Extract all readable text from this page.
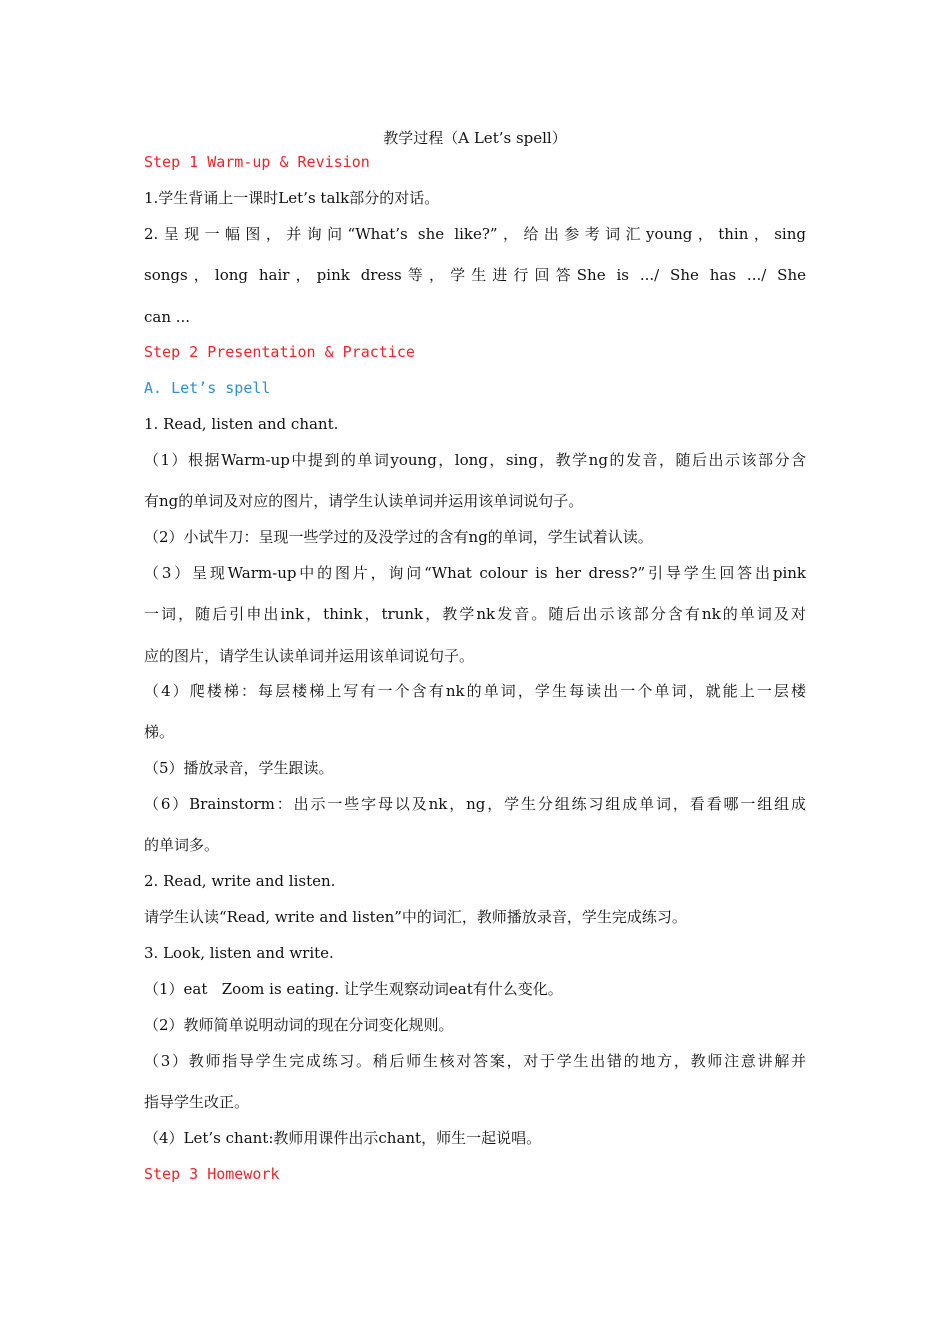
教学过程（A Let’s spell）
Step 1 Warm-up & Revision
1.学生背诵上一课时Let’s talk部分的对话。
2.呈现一幅图，并询问“What’s she like?”，给出参考词汇young，thin，sing
songs，long hair，pink dress等，学生进行回答She is .../ She has .../ She
can ...
Step 2 Presentation & Practice
A. Let’s spell
1. Read, listen and chant.
（1）根据Warm-up中提到的单词young，long，sing，教学ng的发音，随后出示该部分含
有ng的单词及对应的图片，请学生认读单词并运用该单词说句子。
（2）小试牛刀：呈现一些学过的及没学过的含有ng的单词，学生试着认读。
（3）呈现Warm-up中的图片，询问“What colour is her dress?”引导学生回答出pink
一词，随后引申出ink，think，trunk，教学nk发音。随后出示该部分含有nk的单词及对
应的图片，请学生认读单词并运用该单词说句子。
（4）爬楼梯：每层楼梯上写有一个含有nk的单词，学生每读出一个单词，就能上一层楼
梯。
（5）播放录音，学生跟读。
（6）Brainstorm：出示一些字母以及nk，ng，学生分组练习组成单词，看看哪一组组成
的单词多。
2. Read, write and listen.
请学生认读“Read, write and listen”中的词汇，教师播放录音，学生完成练习。
3. Look, listen and write.
（1）eat   Zoom is eating. 让学生观察动词eat有什么变化。
（2）教师简单说明动词的现在分词变化规则。
（3）教师指导学生完成练习。稍后师生核对答案，对于学生出错的地方，教师注意讲解并
指导学生改正。
（4）Let’s chant:教师用课件出示chant，师生一起说唱。
Step 3 Homework
